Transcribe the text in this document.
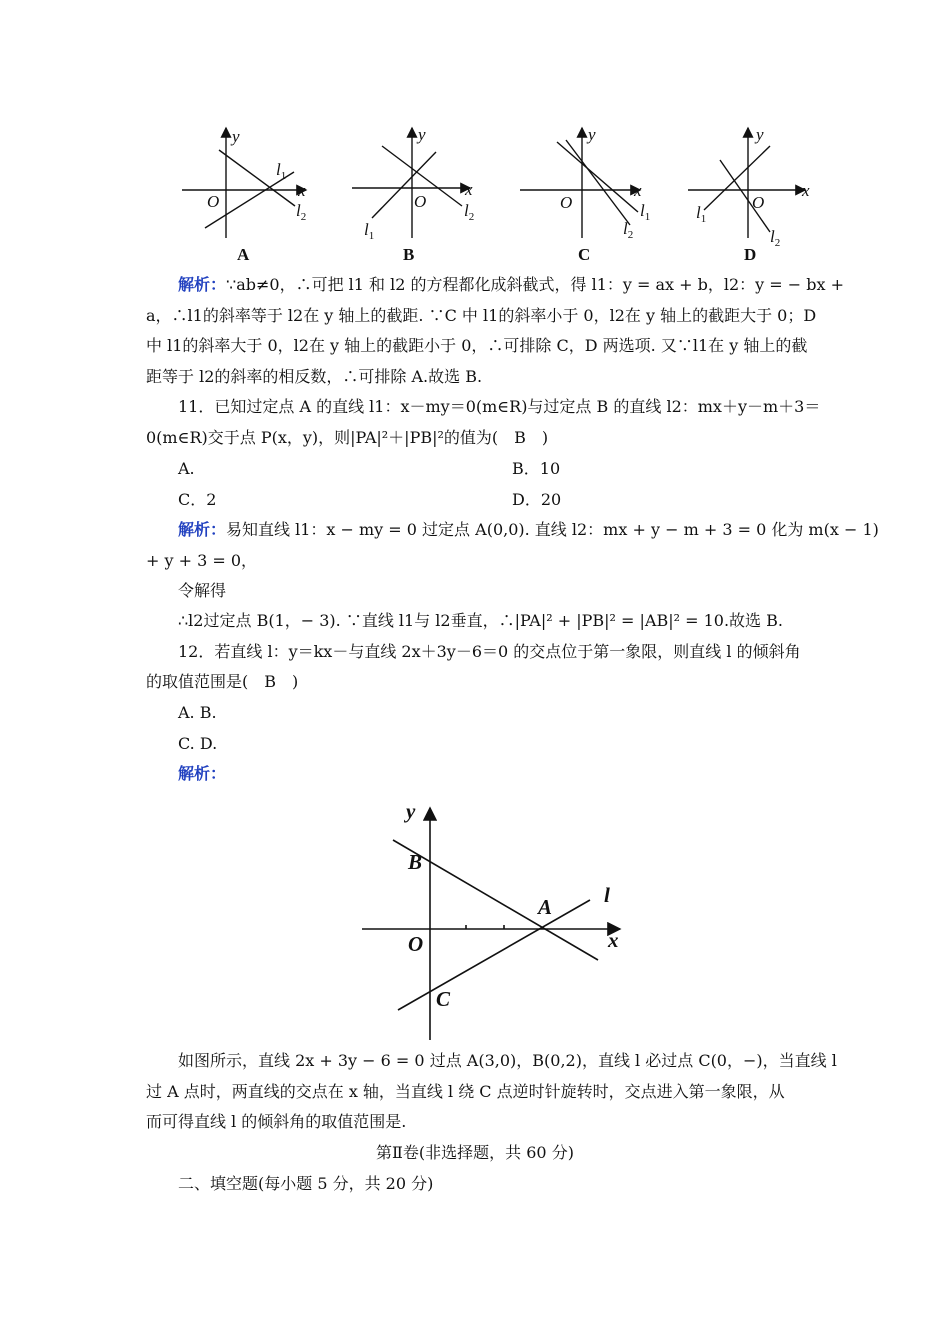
y
x
O
$l_1$
$l_2$
A
y
x
O
$l_1$
$l_2$
B
y
x
O	$l_1$
$l_2$
C
y
x
O
$l_1$
$l_2$
D
解析：∵ab≠0，∴可把 l1 和 l2 的方程都化成斜截式，得 l1：y = ax + b，l2：y = − bx +
a，∴l1的斜率等于 l2在 y 轴上的截距. ∵C 中 l1的斜率小于 0，l2在 y 轴上的截距大于 0；D
中 l1的斜率大于 0，l2在 y 轴上的截距小于 0，∴可排除 C，D 两选项. 又∵l1在 y 轴上的截
距等于 l2的斜率的相反数，∴可排除 A.故选 B.
11．已知过定点 A 的直线 l1：x－my＝0(m∈R)与过定点 B 的直线 l2：mx＋y－m＋3＝
0(m∈R)交于点 P(x，y)，则|PA|²＋|PB|²的值为(　B　)
A.	B．10
C．2	D．20
解析：易知直线 l1：x − my = 0 过定点 A(0,0). 直线 l2：mx + y − m + 3 = 0 化为 m(x − 1)
+ y + 3 = 0，
令解得
∴l2过定点 B(1，− 3). ∵直线 l1与 l2垂直，∴|PA|² + |PB|² = |AB|² = 10.故选 B.
12．若直线 l：y＝kx－与直线 2x＋3y－6＝0 的交点位于第一象限，则直线 l 的倾斜角
的取值范围是(　B　)
A. B.
C. D.
解析：
y
x
O
B
A
C
l
如图所示，直线 2x + 3y − 6 = 0 过点 A(3,0)，B(0,2)，直线 l 必过点 C(0，−)，当直线 l
过 A 点时，两直线的交点在 x 轴，当直线 l 绕 C 点逆时针旋转时，交点进入第一象限，从
而可得直线 l 的倾斜角的取值范围是.
第Ⅱ卷(非选择题，共 60 分)
二、填空题(每小题 5 分，共 20 分)
